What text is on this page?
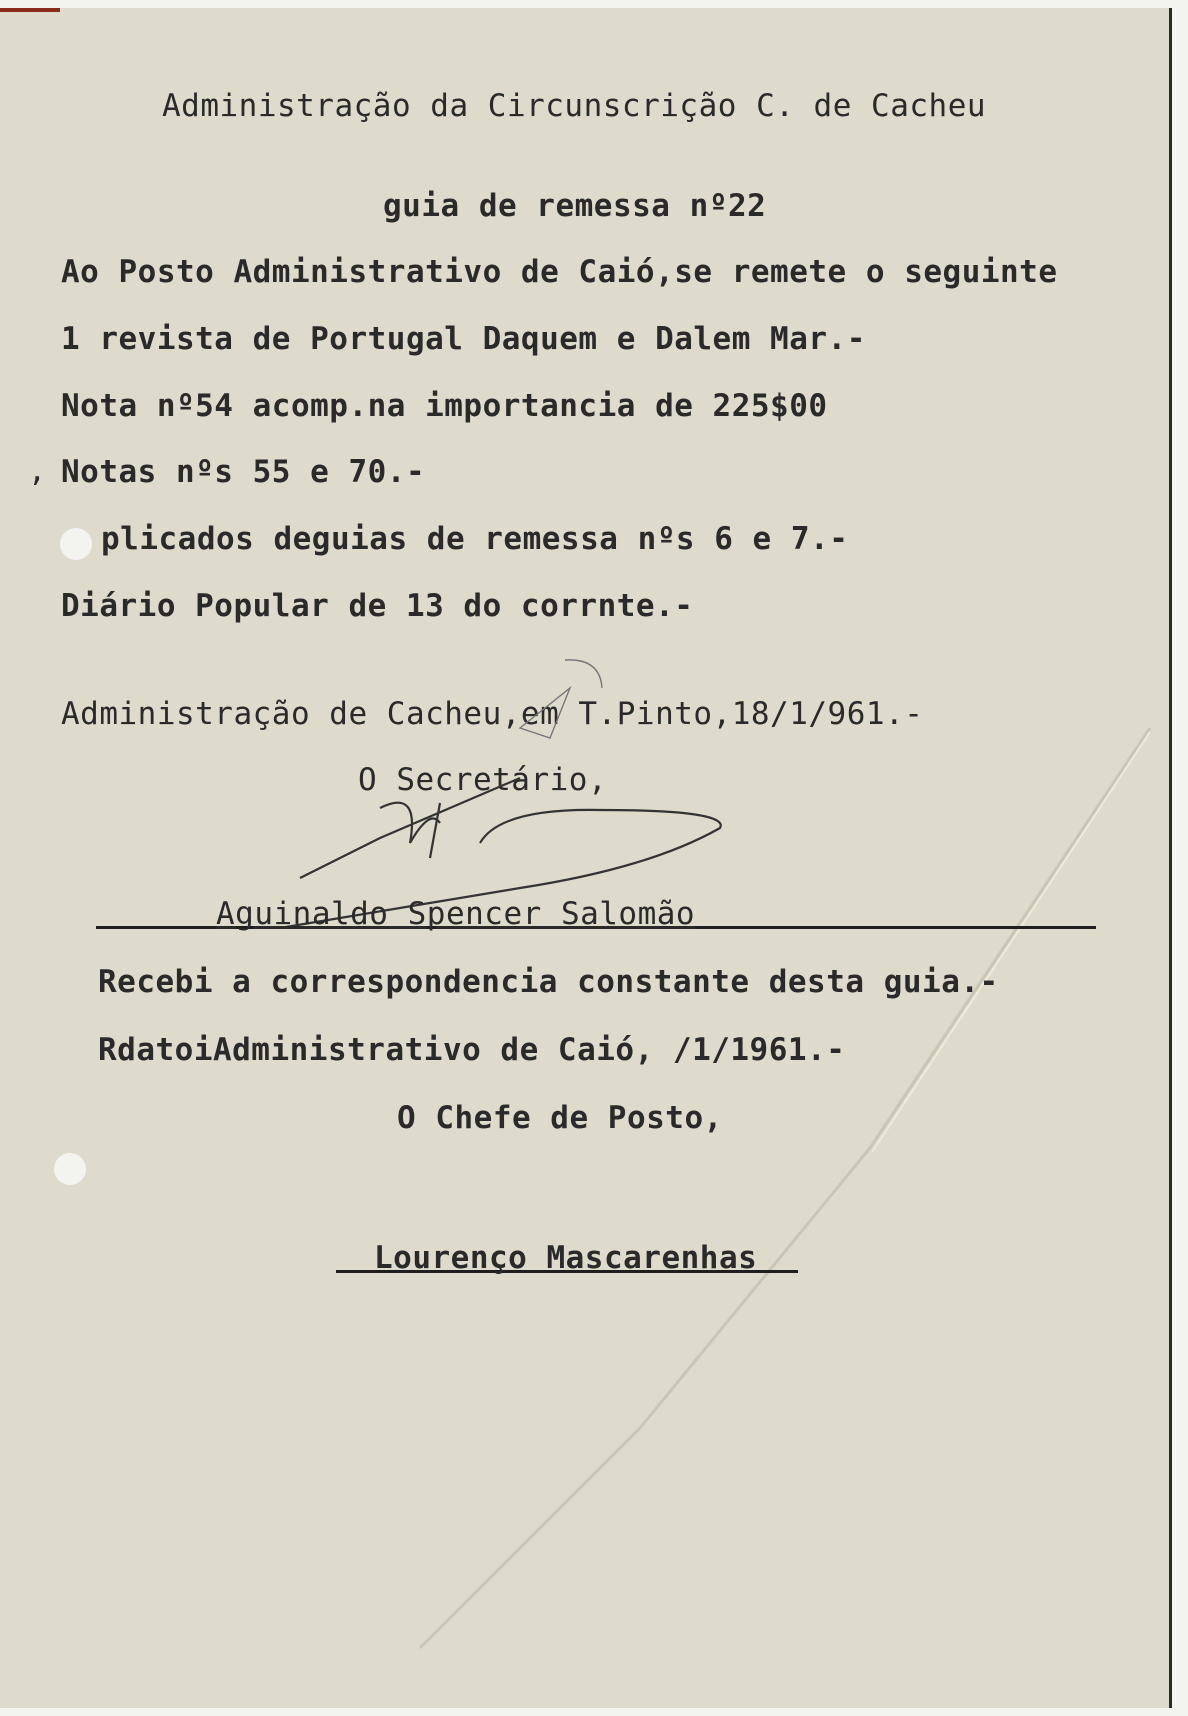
Administração da Circunscrição C. de Cacheu
guia de remessa nº22
Ao Posto Administrativo de Caió,se remete o seguinte
1 revista de Portugal Daquem e Dalem Mar.-
Nota nº54 acomp.na importancia de 225$00
, Notas nºs 55 e 70.-
plicados deguias de remessa nºs 6 e 7.-
Diário Popular de 13 do corrnte.-
Administração de Cacheu,em T.Pinto,18/1/961.-
O Secretário,
Aguinaldo Spencer Salomão
Recebi a correspondencia constante desta guia.-
RdatoiAdministrativo de Caió, /1/1961.-
O Chefe de Posto,
Lourenço Mascarenhas
